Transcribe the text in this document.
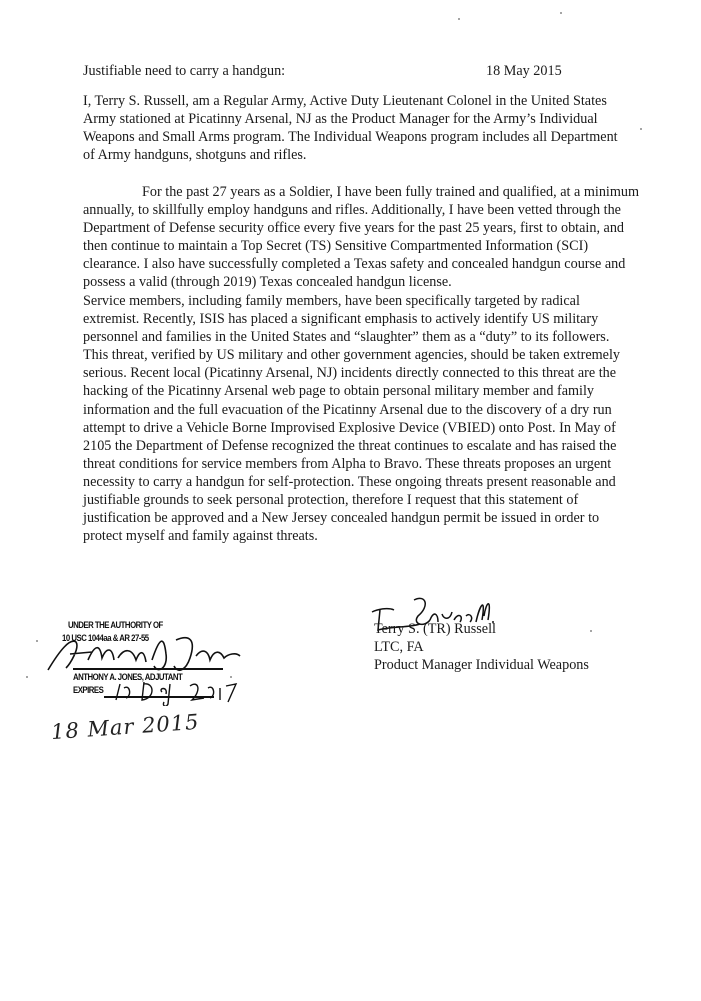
Justifiable need to carry a handgun:	18 May 2015

I, Terry S. Russell, am a Regular Army, Active Duty Lieutenant Colonel in the United States
Army stationed at Picatinny Arsenal, NJ as the Product Manager for the Army’s Individual
Weapons and Small Arms program. The Individual Weapons program includes all Department
of Army handguns, shotguns and rifles.

For the past 27 years as a Soldier, I have been fully trained and qualified, at a minimum

annually, to skillfully employ handguns and rifles. Additionally, I have been vetted through the
Department of Defense security office every five years for the past 25 years, first to obtain, and
then continue to maintain a Top Secret (TS) Sensitive Compartmented Information (SCI)
clearance. I also have successfully completed a Texas safety and concealed handgun course and
possess a valid (through 2019) Texas concealed handgun license.

Service members, including family members, have been specifically targeted by radical
extremist. Recently, ISIS has placed a significant emphasis to actively identify US military
personnel and families in the United States and “slaughter” them as a “duty” to its followers.
This threat, verified by US military and other government agencies, should be taken extremely
serious. Recent local (Picatinny Arsenal, NJ) incidents directly connected to this threat are the
hacking of the Picatinny Arsenal web page to obtain personal military member and family
information and the full evacuation of the Picatinny Arsenal due to the discovery of a dry run
attempt to drive a Vehicle Borne Improvised Explosive Device (VBIED) onto Post. In May of
2105 the Department of Defense recognized the threat continues to escalate and has raised the
threat conditions for service members from Alpha to Bravo. These threats proposes an urgent
necessity to carry a handgun for self-protection. These ongoing threats present reasonable and
justifiable grounds to seek personal protection, therefore I request that this statement of
justification be approved and a New Jersey concealed handgun permit be issued in order to
protect myself and family against threats.

UNDER THE AUTHORITY OF
10 USC 1044aa & AR 27-55
ANTHONY A. JONES, ADJUTANT
EXPIRES
18 Mar 2015
Terry S. (TR) Russell
LTC, FA
Product Manager Individual Weapons
